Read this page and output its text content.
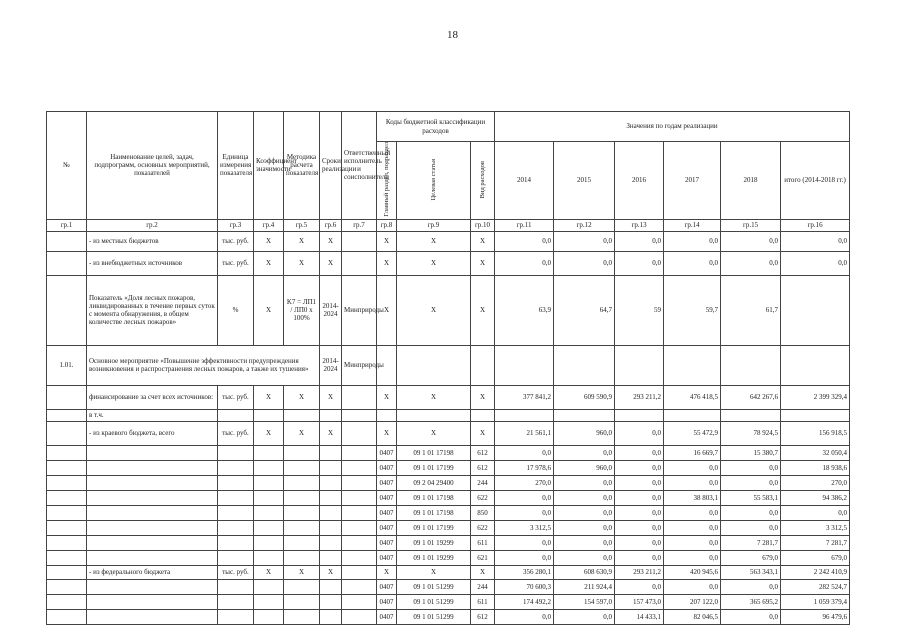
18
№	Наименование целей, задач, подпрограмм, основных мероприятий, показателей	Единица измерения показателя	Коэффициент значимости	Методика расчета показателя	Сроки реализации	Ответственный исполнитель и соисполнители	Коды бюджетной классификации расходов			Значения по годам реализации					
							Главный раздел, подраздел	Целевая статья	Вид расходов	2014	2015	2016	2017	2018	итого (2014-2018 гг.)
гр.1	гр.2	гр.3	гр.4	гр.5	гр.6	гр.7	гр.8	гр.9	гр.10	гр.11	гр.12	гр.13	гр.14	гр.15	гр.16
	- из местных бюджетов	тыс. руб.	X	X	X		X	X	X	0,0	0,0	0,0	0,0	0,0	0,0
	- из внебюджетных источников	тыс. руб.	X	X	X		X	X	X	0,0	0,0	0,0	0,0	0,0	0,0
	Показатель «Доля лесных пожаров, ликвидированных в течение первых суток с момента обнаружения, в общем количестве лесных пожаров»	%	X	K7 = ЛП1 / ЛП0 x 100%	2014-2024	Минприроды	X	X	X	63,9	64,7	59	59,7	61,7	
1.01.	Основное мероприятие «Повышение эффективности предупреждения возникновения и распространения лесных пожаров, а также их тушения»				2014-2024	Минприроды									
	финансирование за счет всех источников:	тыс. руб.	X	X	X		X	X	X	377 841,2	609 590,9	293 211,2	476 418,5	642 267,6	2 399 329,4
	в т.ч.														
	- из краевого бюджета, всего	тыс. руб.	X	X	X		X	X	X	21 561,1	960,0	0,0	55 472,9	78 924,5	156 918,5
							0407	09 1 01 17198	612	0,0	0,0	0,0	16 669,7	15 380,7	32 050,4
							0407	09 1 01 17199	612	17 978,6	960,0	0,0	0,0	0,0	18 938,6
							0407	09 2 04 29400	244	270,0	0,0	0,0	0,0	0,0	270,0
							0407	09 1 01 17198	622	0,0	0,0	0,0	38 803,1	55 583,1	94 386,2
							0407	09 1 01 17198	850	0,0	0,0	0,0	0,0	0,0	0,0
							0407	09 1 01 17199	622	3 312,5	0,0	0,0	0,0	0,0	3 312,5
							0407	09 1 01 19299	611	0,0	0,0	0,0	0,0	7 281,7	7 281,7
							0407	09 1 01 19299	621	0,0	0,0	0,0	0,0	679,0	679,0
	- из федерального бюджета	тыс. руб.	X	X	X		X	X	X	356 280,1	608 630,9	293 211,2	420 945,6	563 343,1	2 242 410,9
							0407	09 1 01 51299	244	70 600,3	211 924,4	0,0	0,0	0,0	282 524,7
							0407	09 1 01 51299	611	174 492,2	154 597,0	157 473,0	207 122,0	365 695,2	1 059 379,4
							0407	09 1 01 51299	612	0,0	0,0	14 433,1	82 046,5	0,0	96 479,6
